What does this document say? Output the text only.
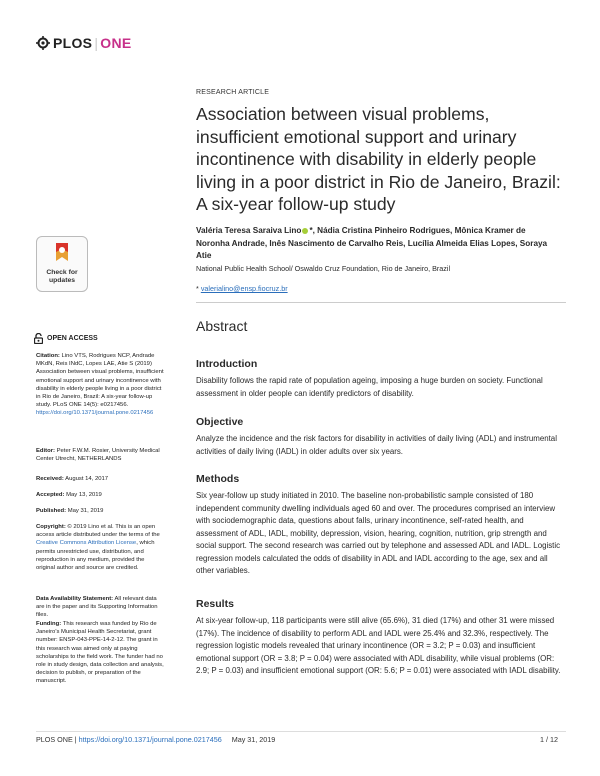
PLOS | ONE
RESEARCH ARTICLE
Association between visual problems, insufficient emotional support and urinary incontinence with disability in elderly people living in a poor district in Rio de Janeiro, Brazil: A six-year follow-up study
Valéria Teresa Saraiva Lino *, Nádia Cristina Pinheiro Rodrigues, Mônica Kramer de Noronha Andrade, Inês Nascimento de Carvalho Reis, Lucília Almeida Elias Lopes, Soraya Atie
National Public Health School/ Oswaldo Cruz Foundation, Rio de Janeiro, Brazil
* valerialino@ensp.fiocruz.br
Check for
updates
OPEN ACCESS
Citation: Lino VTS, Rodrigues NCP, Andrade MKdN, Reis INdC, Lopes LAE, Atie S (2019) Association between visual problems, insufficient emotional support and urinary incontinence with disability in elderly people living in a poor district in Rio de Janeiro, Brazil: A six-year follow-up study. PLoS ONE 14(5): e0217456. https://doi.org/10.1371/journal.pone.0217456
Editor: Peter F.W.M. Rosier, University Medical Center Utrecht, NETHERLANDS
Received: August 14, 2017
Accepted: May 13, 2019
Published: May 31, 2019
Copyright: © 2019 Lino et al. This is an open access article distributed under the terms of the Creative Commons Attribution License, which permits unrestricted use, distribution, and reproduction in any medium, provided the original author and source are credited.
Data Availability Statement: All relevant data are in the paper and its Supporting Information files.
Funding: This research was funded by Rio de Janeiro's Municipal Health Secretariat, grant number: ENSP-043-PPE-14-2-12. The grant in this research was aimed only at paying scholarships to the field work. The funder had no role in study design, data collection and analysis, decision to publish, or preparation of the manuscript.
Abstract
Introduction

Disability follows the rapid rate of population ageing, imposing a huge burden on society. Functional assessment in older people can identify predictors of disability.

Objective

Analyze the incidence and the risk factors for disability in activities of daily living (ADL) and instrumental activities of daily living (IADL) in older adults over six years.

Methods

Six year-follow up study initiated in 2010. The baseline non-probabilistic sample consisted of 180 independent community dwelling individuals aged 60 and over. The procedures comprised an interview with sociodemographic data, questions about falls, urinary incontinence, self-rated health, and assessment of ADL, IADL, mobility, depression, vision, hearing, cognition, nutrition, grip strength and social support. The second research was carried out by telephone and assessed ADL and IADL. Logistic regression models calculated the odds of disability in ADL and IADL according to the age, sex and all other variables.

Results

At six-year follow-up, 118 participants were still alive (65.6%), 31 died (17%) and other 31 were missed (17%). The incidence of disability to perform ADL and IADL were 25.4% and 32.3%, respectively. The regression logistic models revealed that urinary incontinence (OR = 3.2; P = 0.03) and insufficient emotional support (OR = 3.8; P = 0.04) were associated with ADL disability, while visual problems (OR: 2.9; P = 0.03) and insufficient emotional support (OR: 5.6; P = 0.01) were associated with IADL disability.

PLOS ONE | https://doi.org/10.1371/journal.pone.0217456 May 31, 2019	1 / 12
